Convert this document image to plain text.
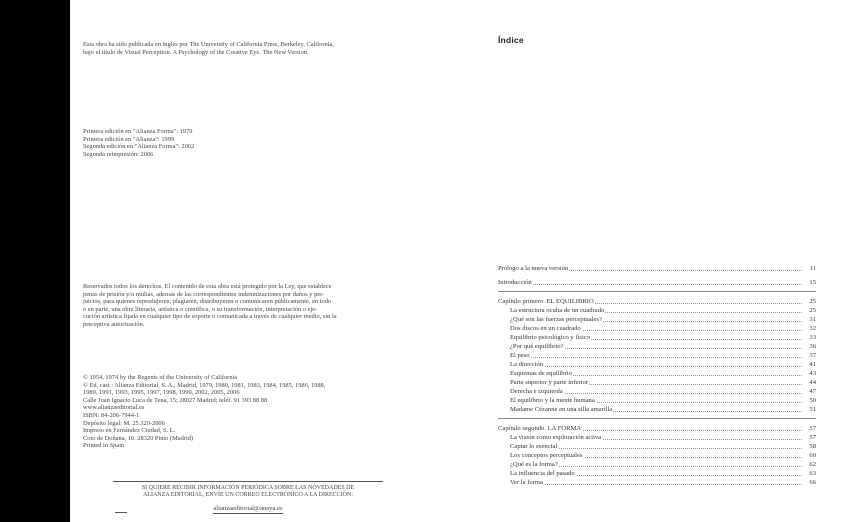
Esta obra ha sido publicada en inglés por The University of California Press, Berkeley, California,
bajo el título de Visual Perception. A Psychology of the Creative Eye. The New Version.
Primera edición en "Alianza Forma": 1979
Primera edición en "Alianza": 1999
Segunda edición en "Alianza Forma": 2002
Segunda reimpresión: 2006
Reservados todos los derechos. El contenido de esta obra está protegido por la Ley, que establece
penas de prisión y/o multas, además de las correspondientes indemnizaciones por daños y per-
juicios, para quienes reprodujeren, plagiaren, distribuyeren o comunicaren públicamente, en todo
o en parte, una obra literaria, artística o científica, o su transformación, interpretación o eje-
cución artística fijada en cualquier tipo de soporte o comunicada a través de cualquier medio, sin la
preceptiva autorización.
© 1954, 1974 by the Regents of the University of California
© Ed. cast.: Alianza Editorial, S. A., Madrid, 1979, 1980, 1981, 1983, 1984, 1985, 1986, 1988,
1989, 1991, 1993, 1995, 1997, 1998, 1999, 2002, 2005, 2006
Calle Juan Ignacio Luca de Tena, 15; 28027 Madrid; teléf. 91 393 88 88
www.alianzaeditorial.es
ISBN: 84-206-7944-1
Depósito legal: M. 25.320-2006
Impreso en Fernández Ciudad, S. L.
Coto de Doñana, 10. 28320 Pinto (Madrid)
Printed in Spain
SI QUIERE RECIBIR INFORMACIÓN PERIÓDICA SOBRE LAS NOVEDADES DE
ALIANZA EDITORIAL, ENVÍE UN CORREO ELECTRÓNICO A LA DIRECCIÓN:
alianzaeditorial@anaya.es
Índice
Prólogo a la nueva versión	11
Introducción	15
Capítulo primero. EL EQUILIBRIO	25
La estructura oculta de un cuadrado	25
¿Qué son las fuerzas perceptuales?	31
Dos discos en un cuadrado	32
Equilibrio psicológico y físico	33
¿Por qué equilibrio?	36
El peso	37
La dirección	41
Esquemas de equilibrio	43
Parte superior y parte inferior	44
Derecha e izquierda	47
El equilibrio y la mente humana	50
Madame Cézanne en una silla amarilla	51
Capítulo segundo. LA FORMA	57
La visión como exploración activa	57
Captar lo esencial	58
Los conceptos perceptuales	60
¿Qué es la forma?	62
La influencia del pasado	63
Ver la forma	66
